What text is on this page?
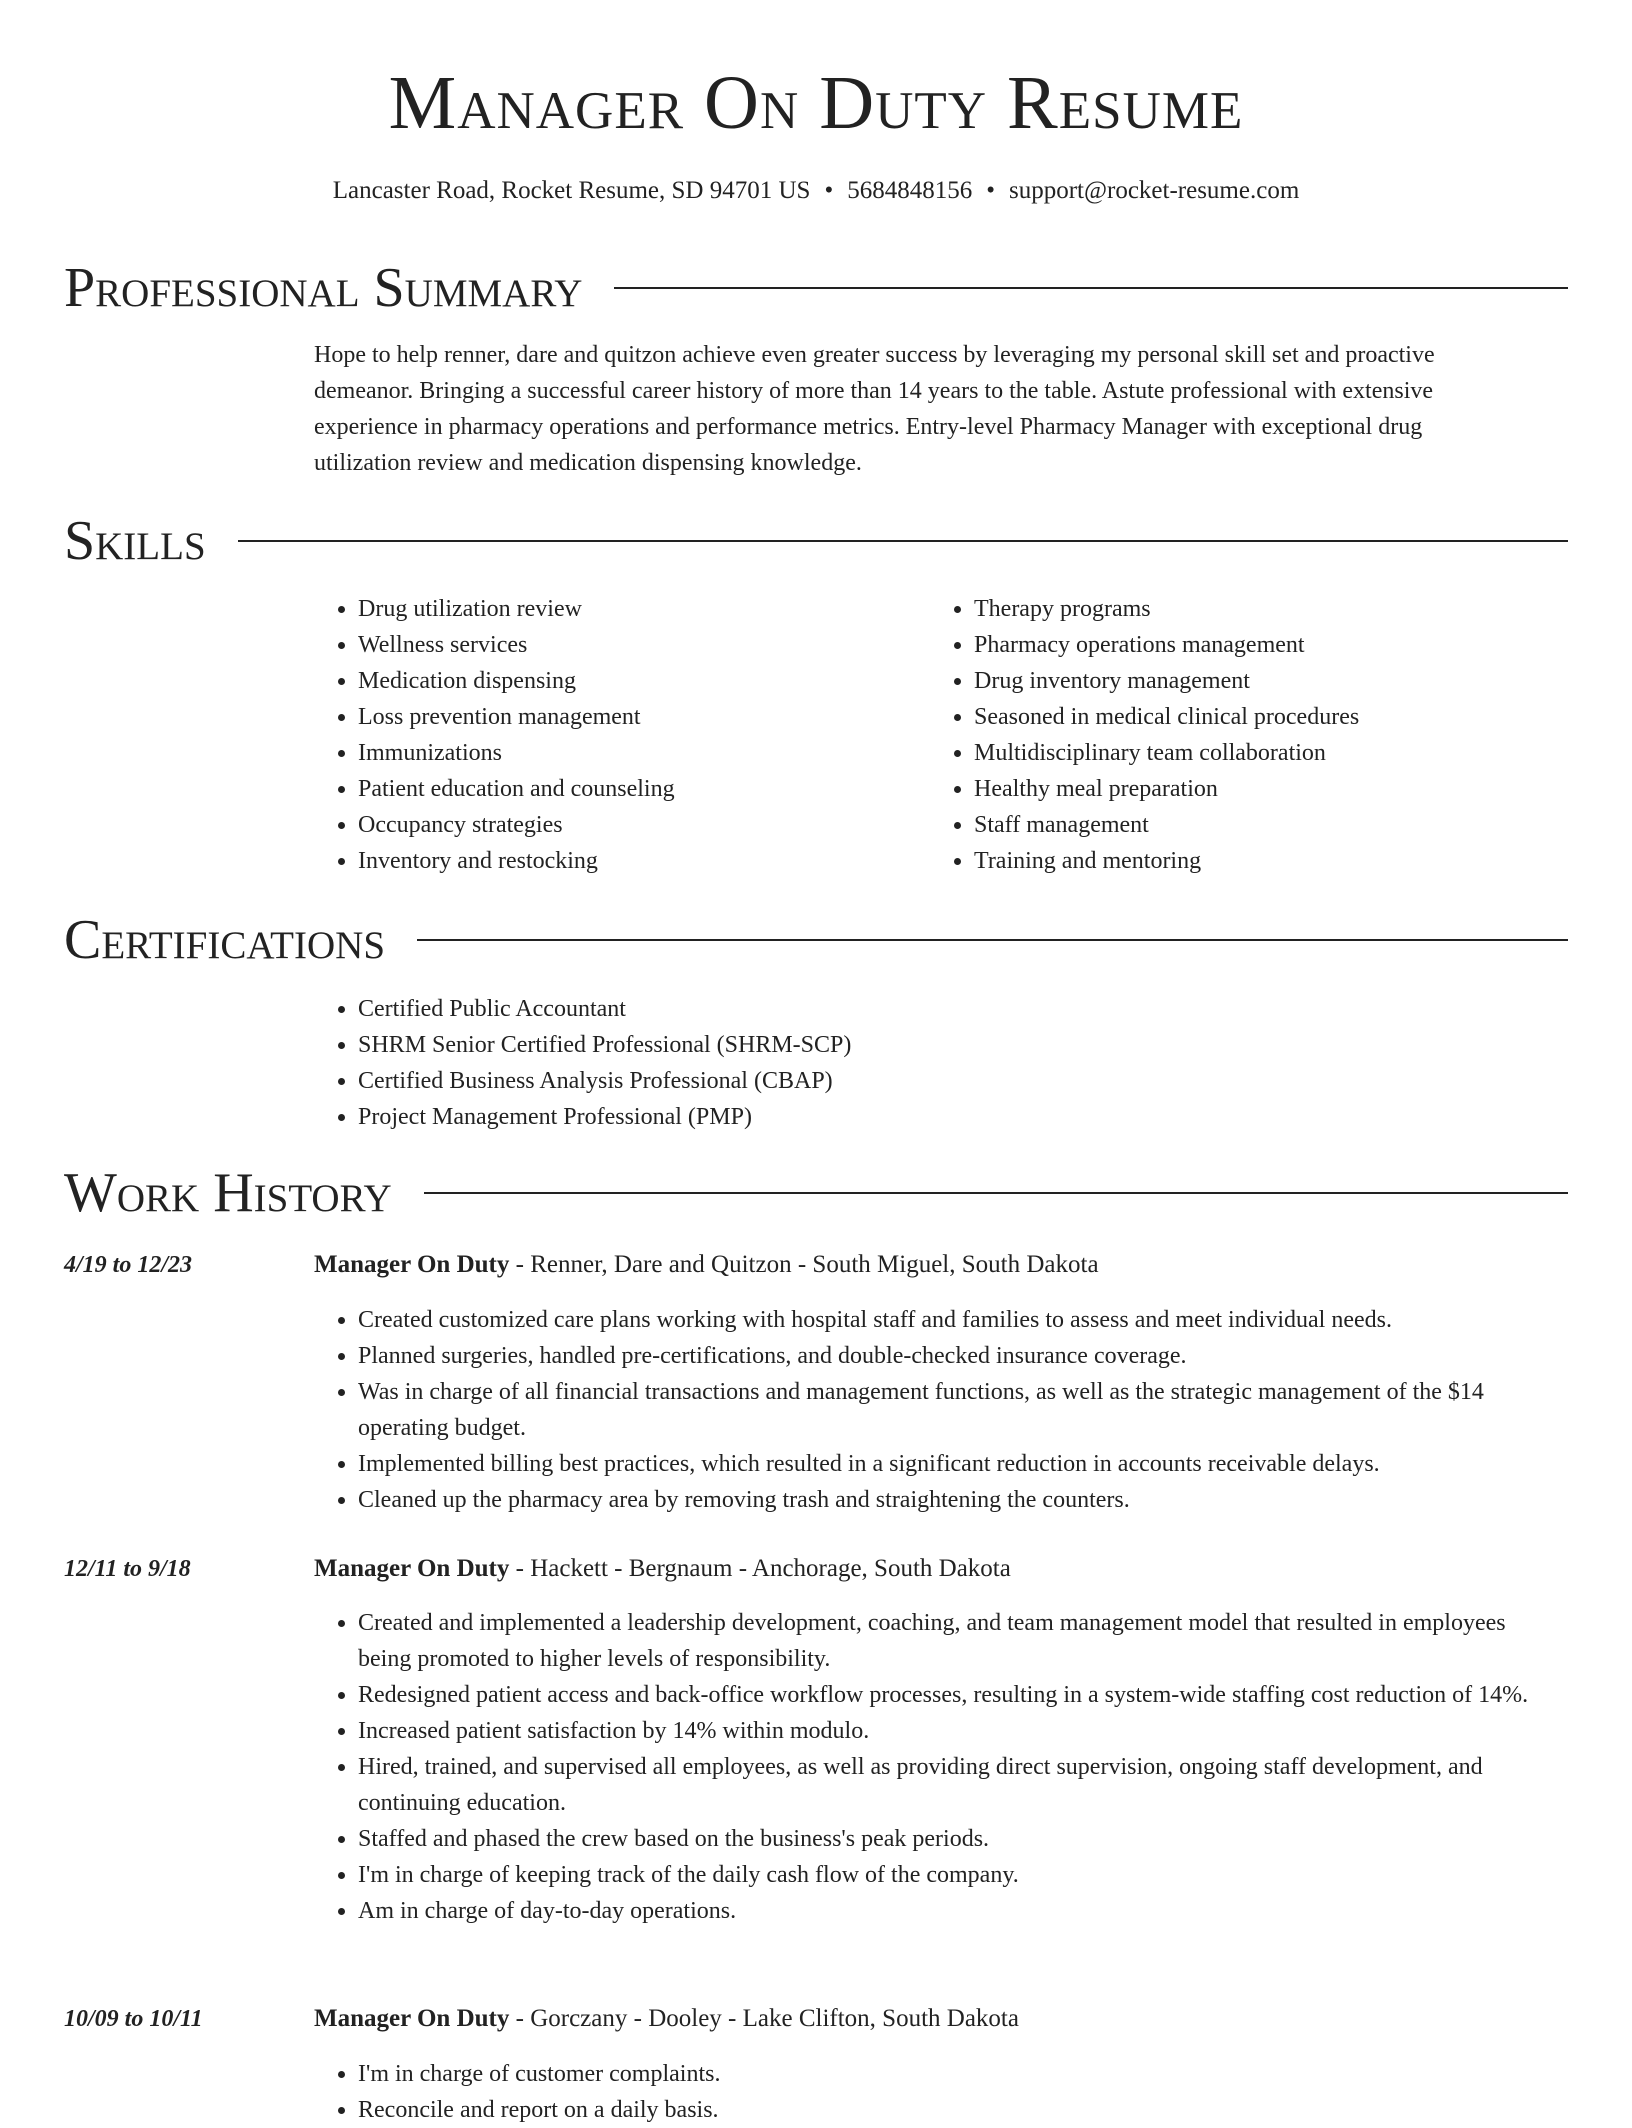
Manager On Duty Resume
Lancaster Road, Rocket Resume, SD 94701 US • 5684848156 • support@rocket-resume.com
Professional Summary
Hope to help renner, dare and quitzon achieve even greater success by leveraging my personal skill set and proactive demeanor. Bringing a successful career history of more than 14 years to the table. Astute professional with extensive experience in pharmacy operations and performance metrics. Entry-level Pharmacy Manager with exceptional drug utilization review and medication dispensing knowledge.
Skills
• Drug utilization review
• Wellness services
• Medication dispensing
• Loss prevention management
• Immunizations
• Patient education and counseling
• Occupancy strategies
• Inventory and restocking
• Therapy programs
• Pharmacy operations management
• Drug inventory management
• Seasoned in medical clinical procedures
• Multidisciplinary team collaboration
• Healthy meal preparation
• Staff management
• Training and mentoring
Certifications
• Certified Public Accountant
• SHRM Senior Certified Professional (SHRM-SCP)
• Certified Business Analysis Professional (CBAP)
• Project Management Professional (PMP)
Work History
4/19 to 12/23	Manager On Duty - Renner, Dare and Quitzon - South Miguel, South Dakota
• Created customized care plans working with hospital staff and families to assess and meet individual needs.
• Planned surgeries, handled pre-certifications, and double-checked insurance coverage.
• Was in charge of all financial transactions and management functions, as well as the strategic management of the $14 operating budget.
• Implemented billing best practices, which resulted in a significant reduction in accounts receivable delays.
• Cleaned up the pharmacy area by removing trash and straightening the counters.
12/11 to 9/18	Manager On Duty - Hackett - Bergnaum - Anchorage, South Dakota
• Created and implemented a leadership development, coaching, and team management model that resulted in employees being promoted to higher levels of responsibility.
• Redesigned patient access and back-office workflow processes, resulting in a system-wide staffing cost reduction of 14%.
• Increased patient satisfaction by 14% within modulo.
• Hired, trained, and supervised all employees, as well as providing direct supervision, ongoing staff development, and continuing education.
• Staffed and phased the crew based on the business's peak periods.
• I'm in charge of keeping track of the daily cash flow of the company.
• Am in charge of day-to-day operations.
10/09 to 10/11	Manager On Duty - Gorczany - Dooley - Lake Clifton, South Dakota
• I'm in charge of customer complaints.
• Reconcile and report on a daily basis.
